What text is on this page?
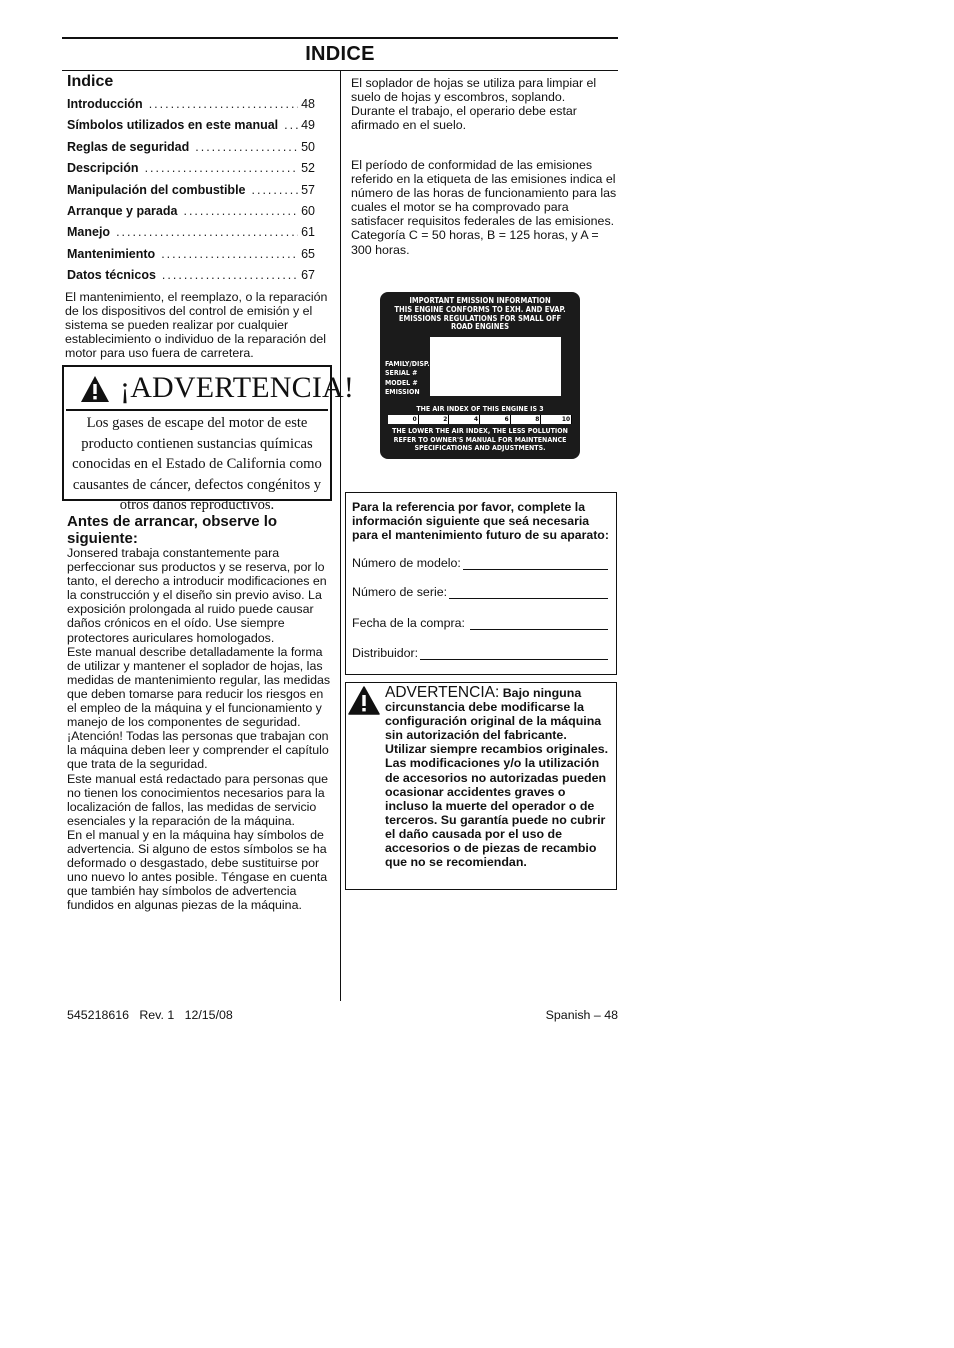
INDICE
Indice
Introducción .....	48
Símbolos utilizados en este manual ..... 49
Reglas de seguridad .....	50
Descripción .....	52
Manipulación del combustible .....	57
Arranque y parada .....	60
Manejo .....	61
Mantenimiento .....	65
Datos técnicos .....	67
El mantenimiento, el reemplazo, o la reparación de los dispositivos del control de emisión y el sistema se pueden realizar por cualquier establecimiento o individuo de la reparación del motor para uso fuera de carretera.
¡ADVERTENCIA!
Los gases de escape del motor de este producto contienen sustancias químicas conocidas en el Estado de California como causantes de cáncer, defectos congénitos y otros daños reproductivos.
Antes de arrancar, observe lo siguiente:
Jonsered trabaja constantemente para perfeccionar sus productos y se reserva, por lo tanto, el derecho a introducir modificaciones en la construcción y el diseño sin previo aviso. La exposición prolongada al ruido puede causar daños crónicos en el oído. Use siempre protectores auriculares homologados.
Este manual describe detalladamente la forma de utilizar y mantener el soplador de hojas, las medidas de mantenimiento regular, las medidas que deben tomarse para reducir los riesgos en el empleo de la máquina y el funcionamiento y manejo de los componentes de seguridad.
¡Atención! Todas las personas que trabajan con la máquina deben leer y comprender el capítulo que trata de la seguridad.
Este manual está redactado para personas que no tienen los conocimientos necesarios para la localización de fallos, las medidas de servicio esenciales y la reparación de la máquina.
En el manual y en la máquina hay símbolos de advertencia. Si alguno de estos símbolos se ha deformado o desgastado, debe sustituirse por uno nuevo lo antes posible. Téngase en cuenta que también hay símbolos de advertencia fundidos en algunas piezas de la máquina.
El soplador de hojas se utiliza para limpiar el suelo de hojas y escombros, soplando. Durante el trabajo, el operario debe estar afirmado en el suelo.
El período de conformidad de las emisiones referido en la etiqueta de las emisiones indica el número de las horas de funcionamiento para las cuales el motor se ha comprovado para satisfacer requisitos federales de las emisiones. Categoría C = 50 horas, B = 125 horas, y A = 300 horas.
IMPORTANT EMISSION INFORMATION
THIS ENGINE CONFORMS TO EXH. AND EVAP.
EMISSIONS REGULATIONS FOR SMALL OFF
ROAD ENGINES
FAMILY/DISP.
SERIAL #
MODEL #
EMISSION
THE AIR INDEX OF THIS ENGINE IS 3
0	2	4	6	8	10
THE LOWER THE AIR INDEX, THE LESS POLLUTION
REFER TO OWNER'S MANUAL FOR MAINTENANCE
SPECIFICATIONS AND ADJUSTMENTS.
Para la referencia por favor, complete la información siguiente que seá necesaria para el mantenimiento futuro de su aparato:
Número de modelo:
Número de serie:
Fecha de la compra:
Distribuidor:
ADVERTENCIA: Bajo ninguna circunstancia debe modificarse la configuración original de la máquina sin autorización del fabricante. Utilizar siempre recambios originales. Las modificaciones y/o la utilización de accesorios no autorizadas pueden ocasionar accidentes graves o incluso la muerte del operador o de terceros. Su garantía puede no cubrir el daño causada por el uso de accesorios o de piezas de recambio que no se recomiendan.
545218616   Rev. 1   12/15/08	Spanish – 48
